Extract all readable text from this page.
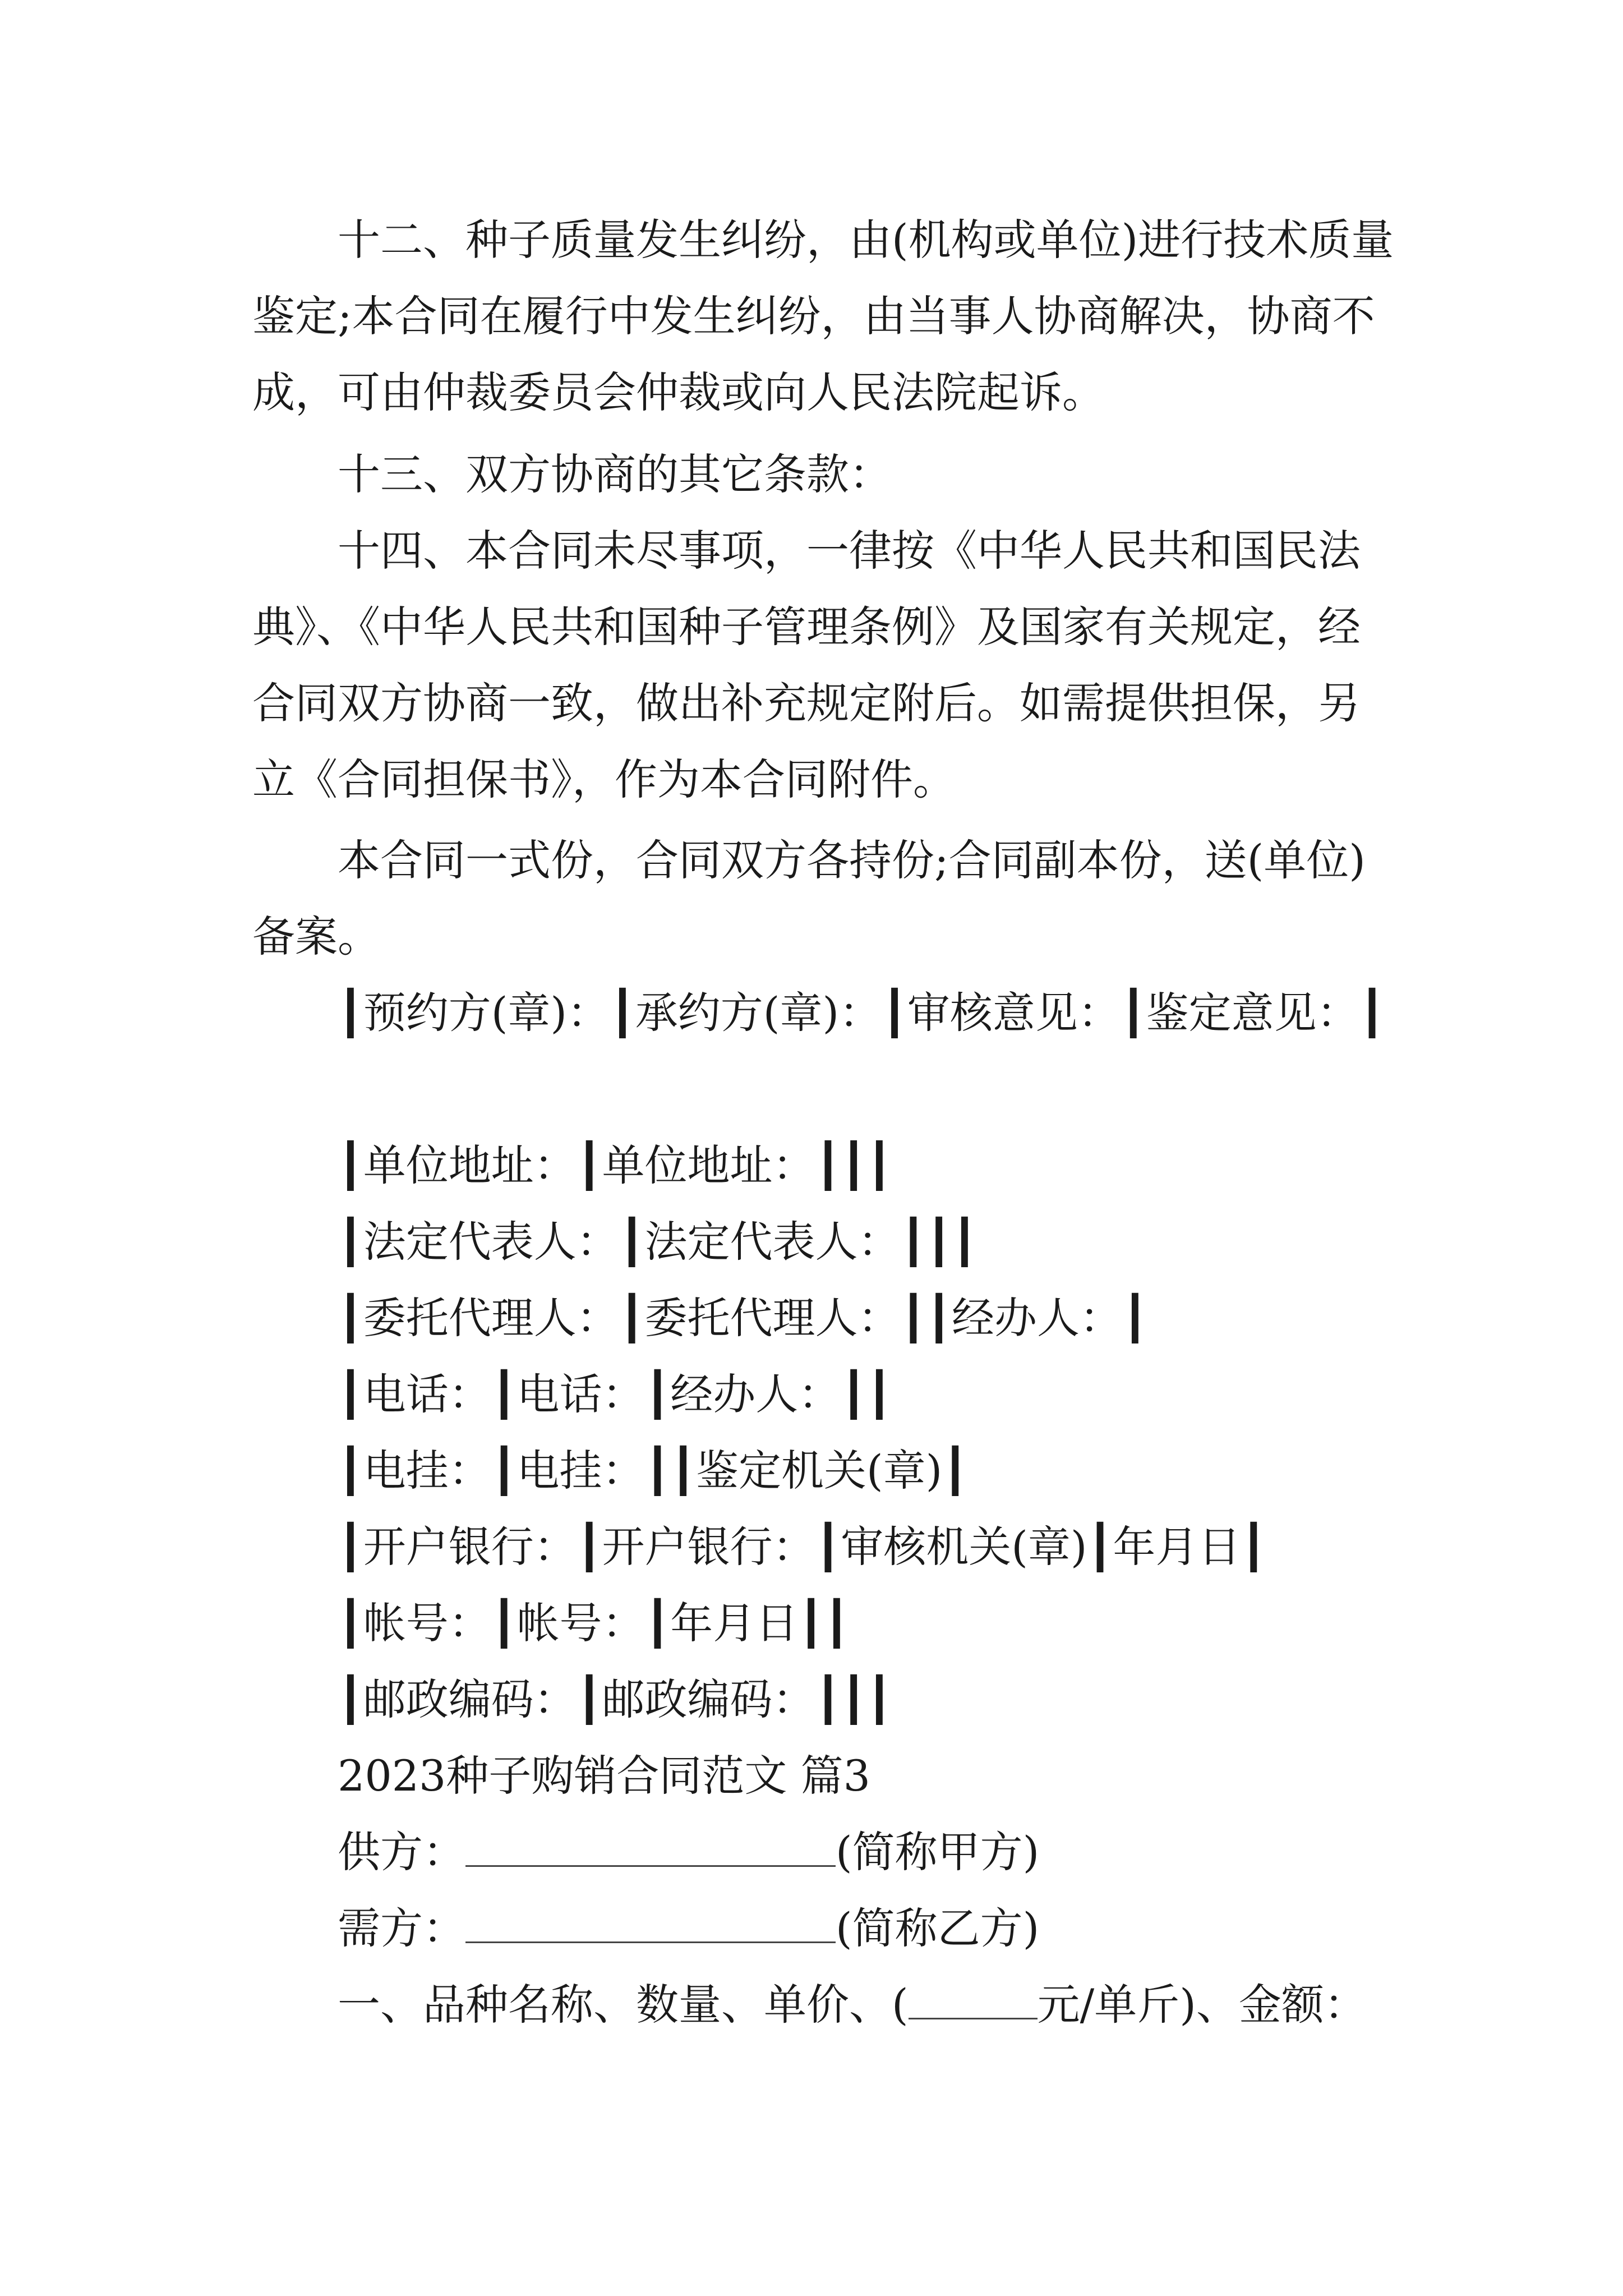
十二、种子质量发生纠纷，由(机构或单位)进行技术质量鉴定;本合同在履行中发生纠纷，由当事人协商解决，协商不成，可由仲裁委员会仲裁或向人民法院起诉。

十三、双方协商的其它条款：

十四、本合同未尽事项，一律按《中华人民共和国民法典》、《中华人民共和国种子管理条例》及国家有关规定，经合同双方协商一致，做出补充规定附后。如需提供担保，另立《合同担保书》，作为本合同附件。

本合同一式份，合同双方各持份;合同副本份，送(单位)备案。

┃预约方(章)：┃承约方(章)：┃审核意见：┃鉴定意见：┃

┃单位地址：┃单位地址：┃┃┃

┃法定代表人：┃法定代表人：┃┃┃

┃委托代理人：┃委托代理人：┃┃经办人：┃

┃电话：┃电话：┃经办人：┃┃

┃电挂：┃电挂：┃┃鉴定机关(章)┃

┃开户银行：┃开户银行：┃审核机关(章)┃年月日┃

┃帐号：┃帐号：┃年月日┃┃

┃邮政编码：┃邮政编码：┃┃┃

2023种子购销合同范文 篇3

供方：	(简称甲方)

需方：	(简称乙方)

一、品种名称、数量、单价、(	元/单斤)、金额：
